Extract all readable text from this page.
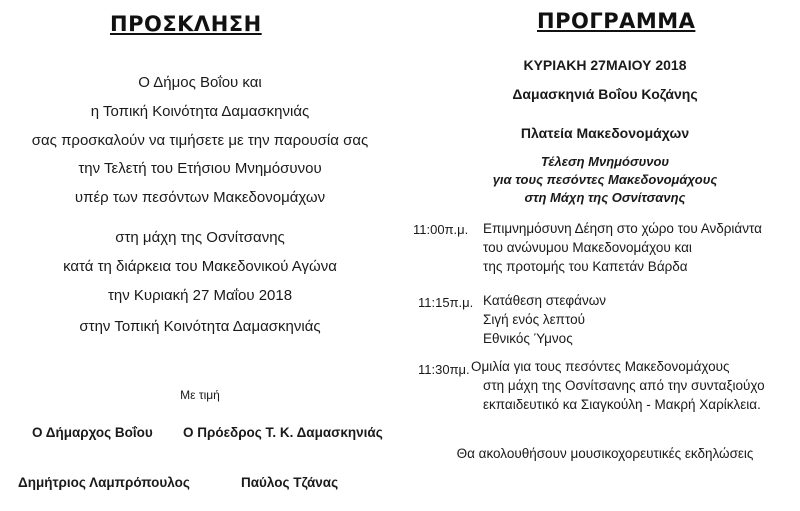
ΠΡΟΣΚΛΗΣΗ
Ο Δήμος Βοΐου και
η Τοπική Κοινότητα Δαμασκηνιάς
σας προσκαλούν να τιμήσετε με την παρουσία σας
την Τελετή του Ετήσιου Μνημόσυνου
υπέρ των πεσόντων Μακεδονομάχων
στη μάχη της Οσνίτσανης
κατά τη διάρκεια του Μακεδονικού Αγώνα
την Κυριακή 27 Μαΐου 2018
στην Τοπική Κοινότητα Δαμασκηνιάς
Με τιμή
Ο Δήμαρχος Βοΐου Ο Πρόεδρος Τ. Κ. Δαμασκηνιάς
Δημήτριος Λαμπρόπουλος	Παύλος Τζάνας
ΠΡΟΓΡΑΜΜΑ
ΚΥΡΙΑΚΗ 27ΜΑΙΟΥ 2018
Δαμασκηνιά Βοΐου Κοζάνης
Πλατεία Μακεδονομάχων
Τέλεση Μνημόσυνου
για τους πεσόντες Μακεδονομάχους
στη Μάχη της Οσνίτσανης
11:00π.μ. Επιμνημόσυνη Δέηση στο χώρο του Ανδριάντα
του ανώνυμου Μακεδονομάχου και
της προτομής του Καπετάν Βάρδα
11:15π.μ. Κατάθεση στεφάνων
Σιγή ενός λεπτού
Εθνικός Ύμνος
11:30πμ. Ομιλία για τους πεσόντες Μακεδονομάχους
στη μάχη της Οσνίτσανης από την συνταξιούχο
εκπαιδευτικό κα Σιαγκούλη - Μακρή Χαρίκλεια.
Θα ακολουθήσουν μουσικοχορευτικές εκδηλώσεις
